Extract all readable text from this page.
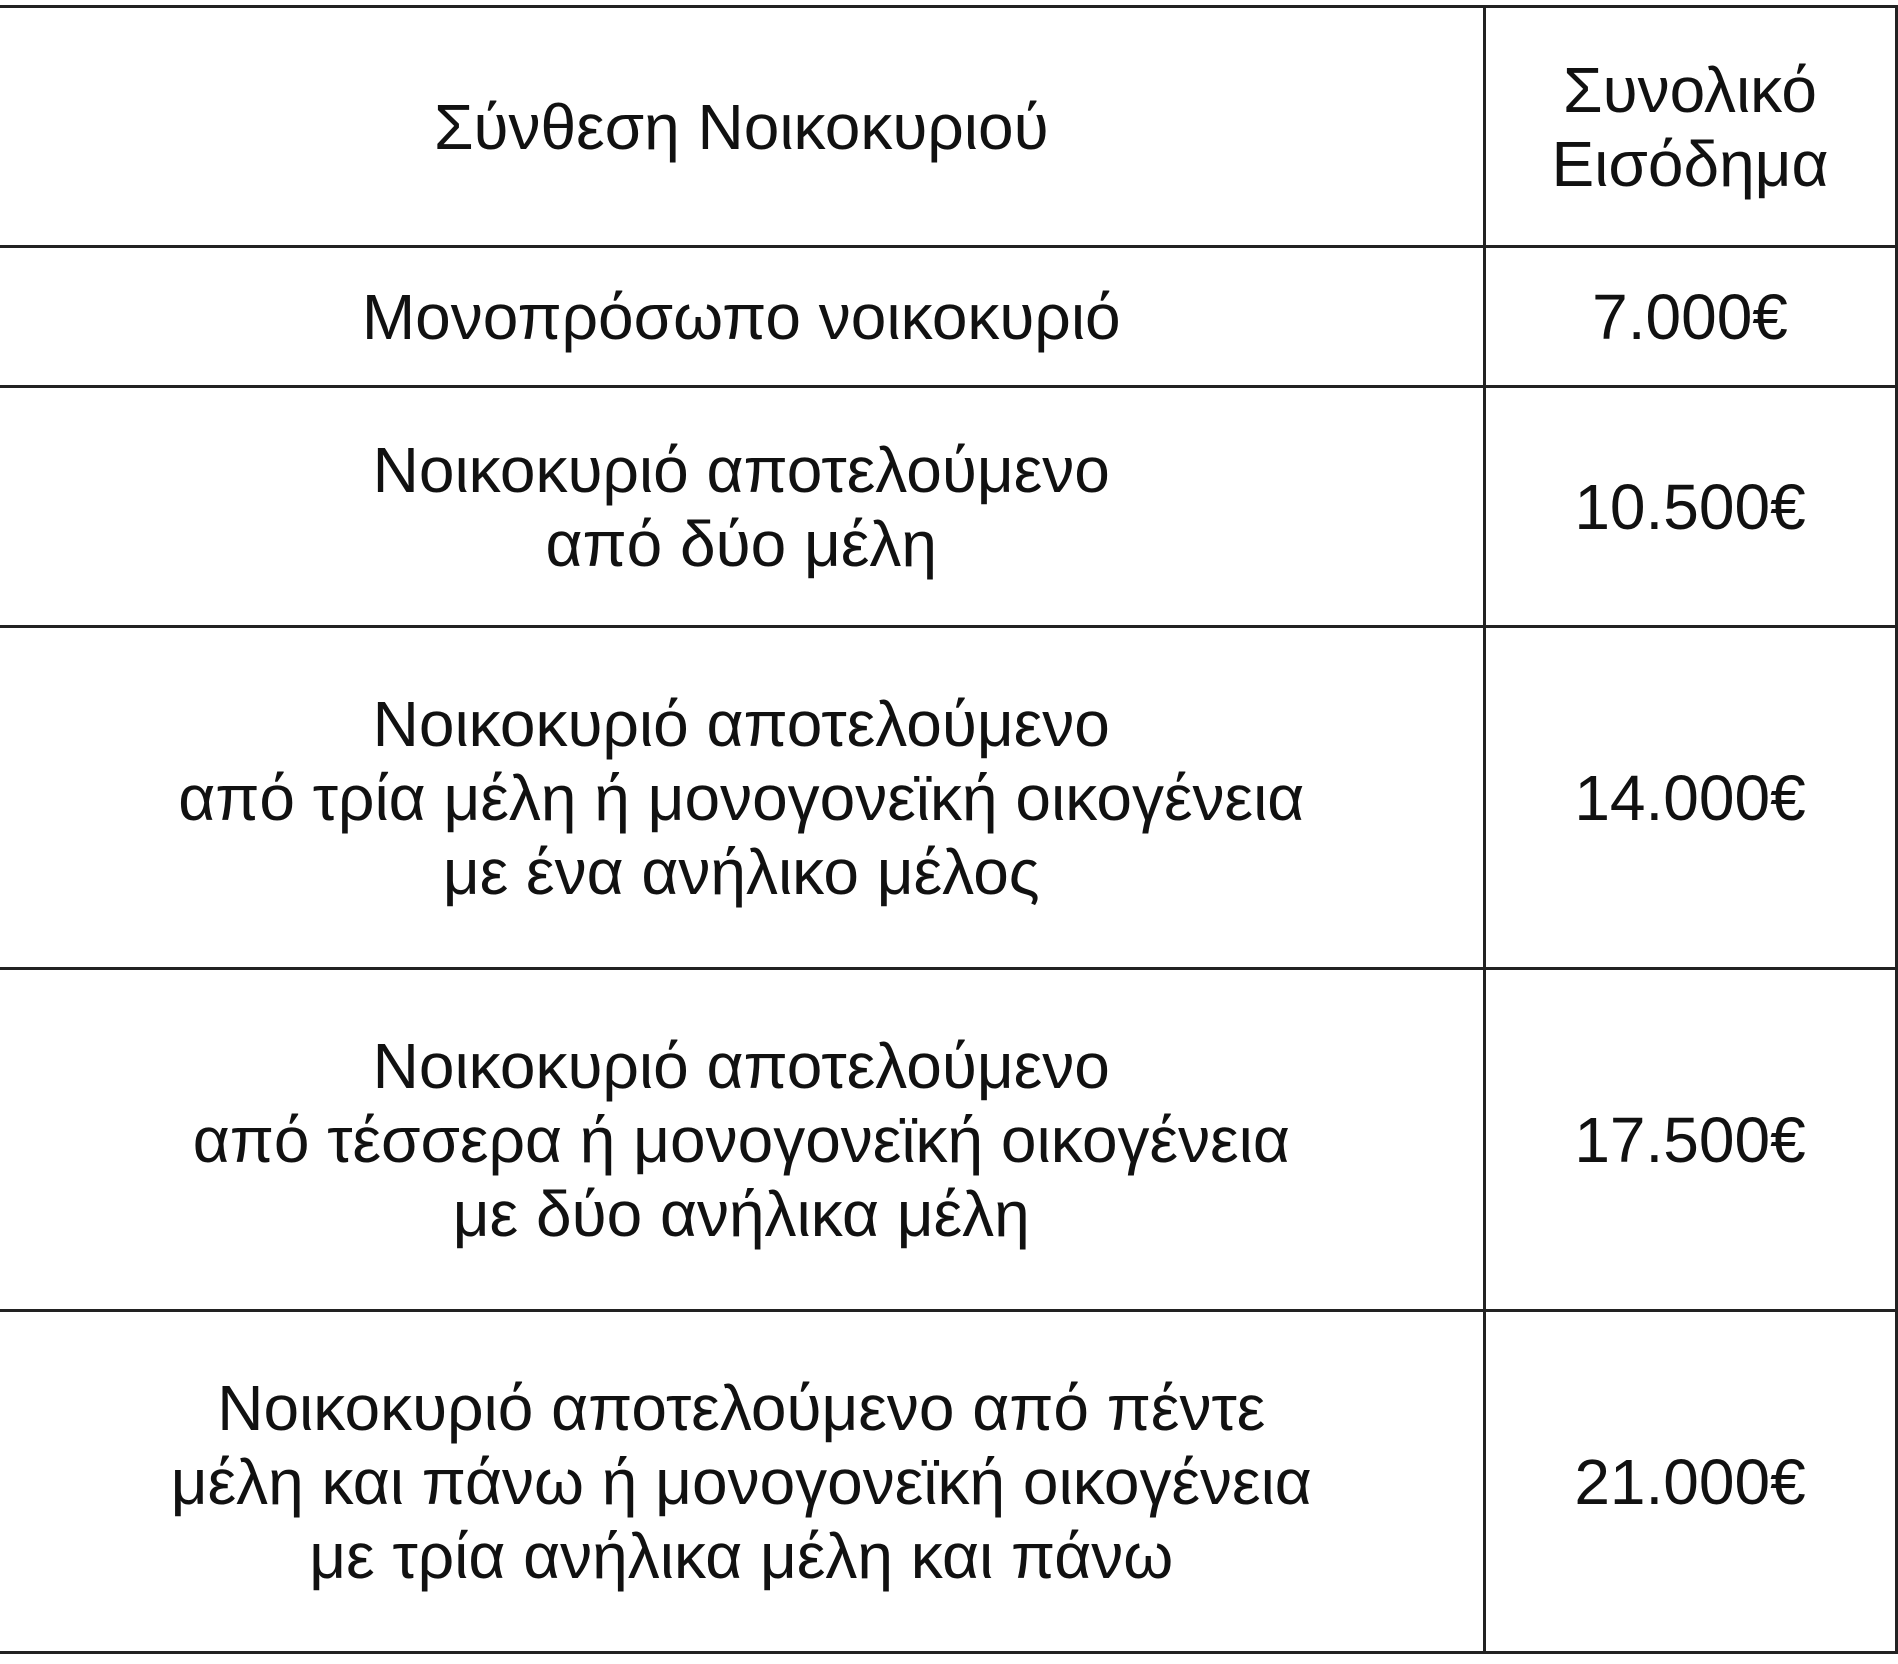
Σύνθεση Νοικοκυριού	Συνολικό
Εισόδημα

Μονοπρόσωπο νοικοκυριό	7.000€

Νοικοκυριό αποτελούμενο
από δύο μέλη	10.500€

Νοικοκυριό αποτελούμενο
από τρία μέλη ή μονογονεϊκή οικογένεια
με ένα ανήλικο μέλος	14.000€

Νοικοκυριό αποτελούμενο
από τέσσερα ή μονογονεϊκή οικογένεια
με δύο ανήλικα μέλη	17.500€

Νοικοκυριό αποτελούμενο από πέντε
μέλη και πάνω ή μονογονεϊκή οικογένεια
με τρία ανήλικα μέλη και πάνω	21.000€
